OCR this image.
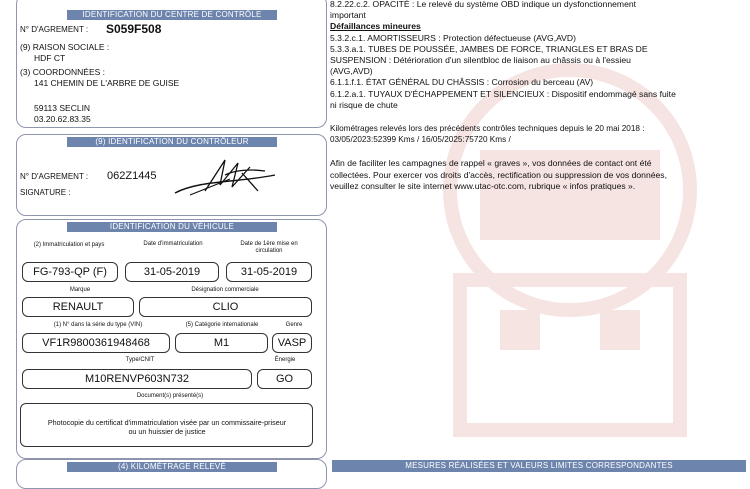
IDENTIFICATION DU CENTRE DE CONTRÔLE
N° D'AGREMENT : S059F508
(9) RAISON SOCIALE :
HDF CT
(3) COORDONNÉES :
141 CHEMIN DE L'ARBRE DE GUISE
59113 SECLIN
03.20.62.83.35
(9) IDENTIFICATION DU CONTRÔLEUR
N° D'AGREMENT : 062Z1445
SIGNATURE :
IDENTIFICATION DU VÉHICULE
(2) Immatriculation et pays	Date d'immatriculation	Date de 1ère mise en circulation
FG-793-QP (F)	31-05-2019	31-05-2019
Marque	Désignation commerciale
RENAULT	CLIO
(1) N° dans la série du type (VIN)	(5) Catégorie internationale	Genre
VF1R9800361948468	M1	VASP
Type/CNIT	Énergie
M10RENVP603N732	GO
Document(s) présenté(s)
Photocopie du certificat d'immatriculation visée par un commissaire-priseur
ou un huissier de justice
(4) KILOMÉTRAGE RELEVÉ	MESURES RÉALISÉES ET VALEURS LIMITES CORRESPONDANTES
8.2.22.c.2. OPACITÉ : Le relevé du système OBD indique un dysfonctionnement
important
Défaillances mineures
5.3.2.c.1. AMORTISSEURS : Protection défectueuse (AVG,AVD)
5.3.3.a.1. TUBES DE POUSSÉE, JAMBES DE FORCE, TRIANGLES ET BRAS DE
SUSPENSION : Détérioration d'un silentbloc de liaison au châssis ou à l'essieu
(AVG,AVD)
6.1.1.f.1. ÉTAT GÉNÉRAL DU CHÂSSIS : Corrosion du berceau (AV)
6.1.2.a.1. TUYAUX D'ÉCHAPPEMENT ET SILENCIEUX : Dispositif endommagé sans fuite
ni risque de chute
Kilométrages relevés lors des précédents contrôles techniques depuis le 20 mai 2018 :
03/05/2023:52399 Kms / 16/05/2025:75720 Kms /
Afin de faciliter les campagnes de rappel « graves », vos données de contact ont été
collectées. Pour exercer vos droits d'accès, rectification ou suppression de vos données,
veuillez consulter le site internet www.utac-otc.com, rubrique « infos pratiques ».
